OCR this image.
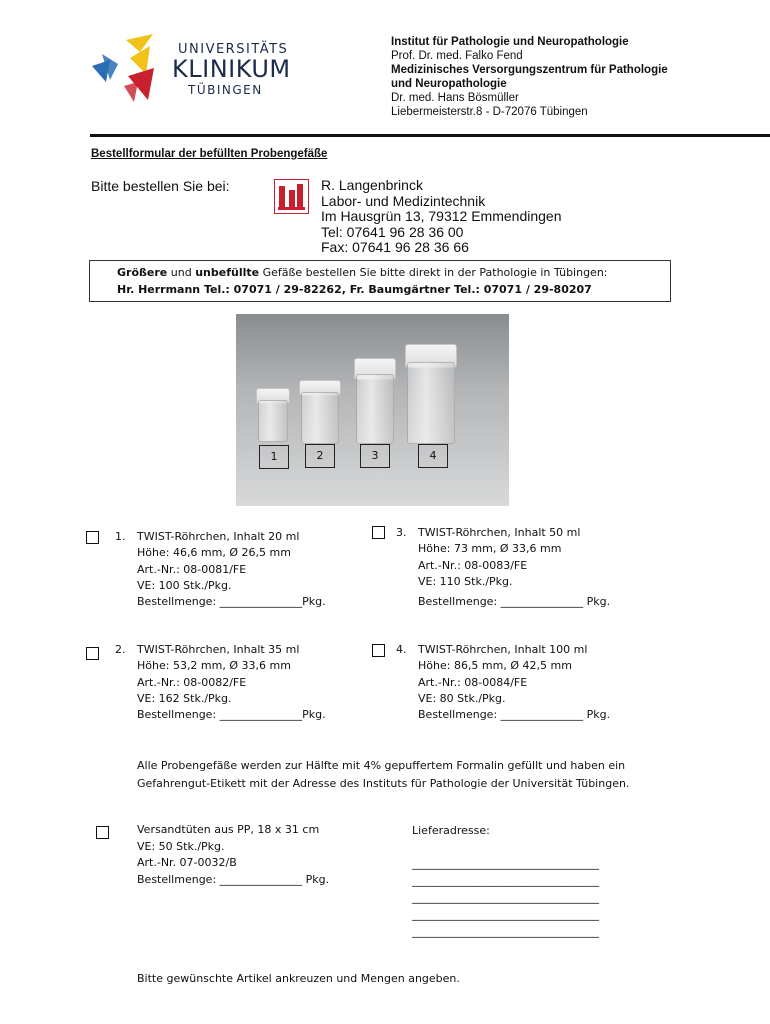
UNIVERSITÄTS
KLINIKUM
TÜBINGEN
Institut für Pathologie und Neuropathologie
Prof. Dr. med. Falko Fend
Medizinisches Versorgungszentrum für Pathologie
und Neuropathologie
Dr. med. Hans Bösmüller
Liebermeisterstr.8 - D-72076 Tübingen
Bestellformular der befüllten Probengefäße
Bitte bestellen Sie bei:	R. Langenbrinck
Labor- und Medizintechnik
Im Hausgrün 13, 79312 Emmendingen
Tel: 07641 96 28 36 00
Fax: 07641 96 28 36 66
Größere und unbefüllte Gefäße bestellen Sie bitte direkt in der Pathologie in Tübingen:
Hr. Herrmann Tel.: 07071 / 29-82262, Fr. Baumgärtner Tel.: 07071 / 29-80207
1	2	3	4
1. TWIST-Röhrchen, Inhalt 20 ml
Höhe: 46,6 mm, Ø 26,5 mm
Art.-Nr.: 08-0081/FE
VE: 100 Stk./Pkg.
Bestellmenge: _______________Pkg.
3. TWIST-Röhrchen, Inhalt 50 ml
Höhe: 73 mm, Ø 33,6 mm
Art.-Nr.: 08-0083/FE
VE: 110 Stk./Pkg.
Bestellmenge: _______________ Pkg.
2. TWIST-Röhrchen, Inhalt 35 ml
Höhe: 53,2 mm, Ø 33,6 mm
Art.-Nr.: 08-0082/FE
VE: 162 Stk./Pkg.
Bestellmenge: _______________Pkg.
4. TWIST-Röhrchen, Inhalt 100 ml
Höhe: 86,5 mm, Ø 42,5 mm
Art.-Nr.: 08-0084/FE
VE: 80 Stk./Pkg.
Bestellmenge: _______________ Pkg.
Alle Probengefäße werden zur Hälfte mit 4% gepuffertem Formalin gefüllt und haben ein
Gefahrengut-Etikett mit der Adresse des Instituts für Pathologie der Universität Tübingen.
Versandtüten aus PP, 18 x 31 cm
VE: 50 Stk./Pkg.
Art.-Nr. 07-0032/B
Bestellmenge: _______________ Pkg.
Lieferadresse:
__________________________________
__________________________________
__________________________________
__________________________________
__________________________________
Bitte gewünschte Artikel ankreuzen und Mengen angeben.
